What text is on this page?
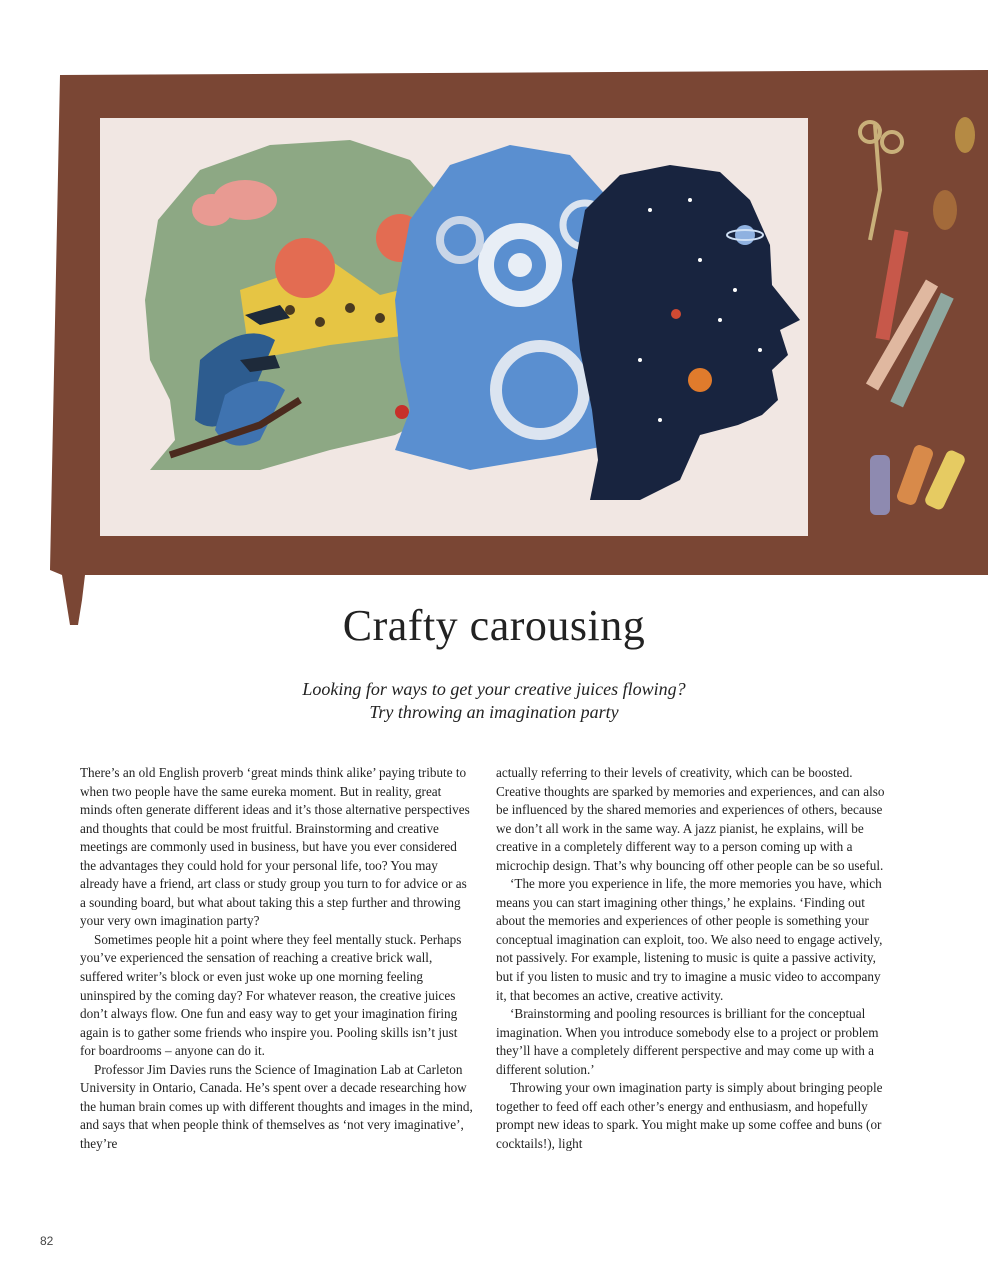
Crafty carousing
Looking for ways to get your creative juices flowing?
Try throwing an imagination party

There’s an old English proverb ‘great minds think alike’ paying tribute to when two people have the same eureka moment. But in reality, great minds often generate different ideas and it’s those alternative perspectives and thoughts that could be most fruitful. Brainstorming and creative meetings are commonly used in business, but have you ever considered the advantages they could hold for your personal life, too? You may already have a friend, art class or study group you turn to for advice or as a sounding board, but what about taking this a step further and throwing your very own imagination party?

Sometimes people hit a point where they feel mentally stuck. Perhaps you’ve experienced the sensation of reaching a creative brick wall, suffered writer’s block or even just woke up one morning feeling uninspired by the coming day? For whatever reason, the creative juices don’t always flow. One fun and easy way to get your imagination firing again is to gather some friends who inspire you. Pooling skills isn’t just for boardrooms – anyone can do it.

Professor Jim Davies runs the Science of Imagination Lab at Carleton University in Ontario, Canada. He’s spent over a decade researching how the human brain comes up with different thoughts and images in the mind, and says that when people think of themselves as ‘not very imaginative’, they’re

actually referring to their levels of creativity, which can be boosted. Creative thoughts are sparked by memories and experiences, and can also be influenced by the shared memories and experiences of others, because we don’t all work in the same way. A jazz pianist, he explains, will be creative in a completely different way to a person coming up with a microchip design. That’s why bouncing off other people can be so useful.

‘The more you experience in life, the more memories you have, which means you can start imagining other things,’ he explains. ‘Finding out about the memories and experiences of other people is something your conceptual imagination can exploit, too. We also need to engage actively, not passively. For example, listening to music is quite a passive activity, but if you listen to music and try to imagine a music video to accompany it, that becomes an active, creative activity.

‘Brainstorming and pooling resources is brilliant for the conceptual imagination. When you introduce somebody else to a project or problem they’ll have a completely different perspective and may come up with a different solution.’

Throwing your own imagination party is simply about bringing people together to feed off each other’s energy and enthusiasm, and hopefully prompt new ideas to spark. You might make up some coffee and buns (or cocktails!), light

82
